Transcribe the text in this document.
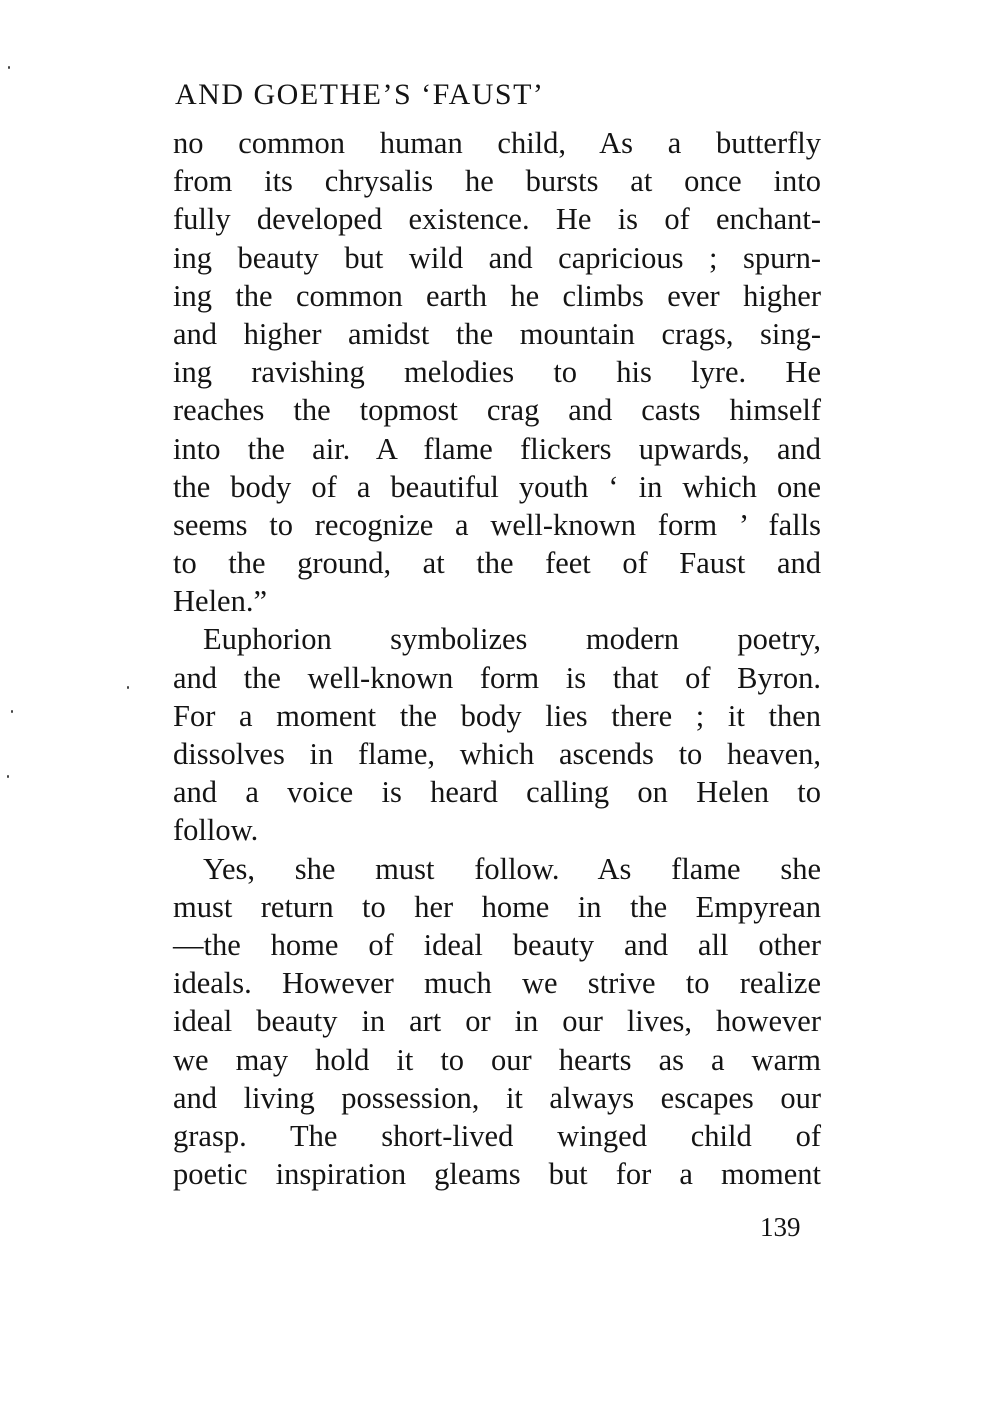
AND GOETHE’S ‘FAUST’
no common human child, As a butterfly
from its chrysalis he bursts at once into
fully developed existence. He is of enchant-
ing beauty but wild and capricious ; spurn-
ing the common earth he climbs ever higher
and higher amidst the mountain crags, sing-
ing ravishing melodies to his lyre. He
reaches the topmost crag and casts himself
into the air. A flame flickers upwards, and
the body of a beautiful youth ‘ in which one
seems to recognize a well-known form ’ falls
to the ground, at the feet of Faust and
Helen.”
Euphorion symbolizes modern poetry,
and the well-known form is that of Byron.
For a moment the body lies there ; it then
dissolves in flame, which ascends to heaven,
and a voice is heard calling on Helen to
follow.
Yes, she must follow. As flame she
must return to her home in the Empyrean
—the home of ideal beauty and all other
ideals. However much we strive to realize
ideal beauty in art or in our lives, however
we may hold it to our hearts as a warm
and living possession, it always escapes our
grasp. The short-lived winged child of
poetic inspiration gleams but for a moment
139
